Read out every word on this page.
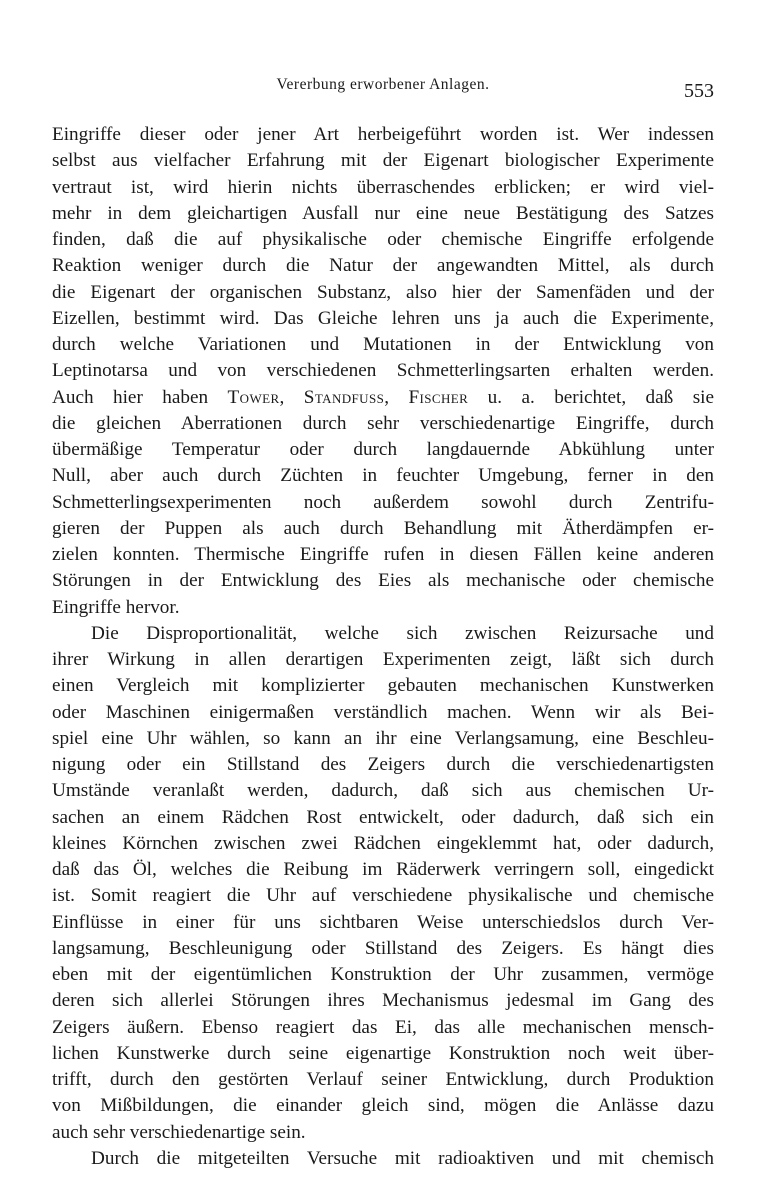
Vererbung erworbener Anlagen.	553
Eingriffe dieser oder jener Art herbeigeführt worden ist. Wer indessen
selbst aus vielfacher Erfahrung mit der Eigenart biologischer Experimente
vertraut ist, wird hierin nichts überraschendes erblicken; er wird viel-
mehr in dem gleichartigen Ausfall nur eine neue Bestätigung des Satzes
finden, daß die auf physikalische oder chemische Eingriffe erfolgende
Reaktion weniger durch die Natur der angewandten Mittel, als durch
die Eigenart der organischen Substanz, also hier der Samenfäden und der
Eizellen, bestimmt wird. Das Gleiche lehren uns ja auch die Experimente,
durch welche Variationen und Mutationen in der Entwicklung von
Leptinotarsa und von verschiedenen Schmetterlingsarten erhalten werden.
Auch hier haben Tower, Standfuss, Fischer u. a. berichtet, daß sie
die gleichen Aberrationen durch sehr verschiedenartige Eingriffe, durch
übermäßige Temperatur oder durch langdauernde Abkühlung unter
Null, aber auch durch Züchten in feuchter Umgebung, ferner in den
Schmetterlingsexperimenten noch außerdem sowohl durch Zentrifu-
gieren der Puppen als auch durch Behandlung mit Ätherdämpfen er-
zielen konnten. Thermische Eingriffe rufen in diesen Fällen keine anderen
Störungen in der Entwicklung des Eies als mechanische oder chemische
Eingriffe hervor.
Die Disproportionalität, welche sich zwischen Reizursache und
ihrer Wirkung in allen derartigen Experimenten zeigt, läßt sich durch
einen Vergleich mit komplizierter gebauten mechanischen Kunstwerken
oder Maschinen einigermaßen verständlich machen. Wenn wir als Bei-
spiel eine Uhr wählen, so kann an ihr eine Verlangsamung, eine Beschleu-
nigung oder ein Stillstand des Zeigers durch die verschiedenartigsten
Umstände veranlaßt werden, dadurch, daß sich aus chemischen Ur-
sachen an einem Rädchen Rost entwickelt, oder dadurch, daß sich ein
kleines Körnchen zwischen zwei Rädchen eingeklemmt hat, oder dadurch,
daß das Öl, welches die Reibung im Räderwerk verringern soll, eingedickt
ist. Somit reagiert die Uhr auf verschiedene physikalische und chemische
Einflüsse in einer für uns sichtbaren Weise unterschiedslos durch Ver-
langsamung, Beschleunigung oder Stillstand des Zeigers. Es hängt dies
eben mit der eigentümlichen Konstruktion der Uhr zusammen, vermöge
deren sich allerlei Störungen ihres Mechanismus jedesmal im Gang des
Zeigers äußern. Ebenso reagiert das Ei, das alle mechanischen mensch-
lichen Kunstwerke durch seine eigenartige Konstruktion noch weit über-
trifft, durch den gestörten Verlauf seiner Entwicklung, durch Produktion
von Mißbildungen, die einander gleich sind, mögen die Anlässe dazu
auch sehr verschiedenartige sein.
Durch die mitgeteilten Versuche mit radioaktiven und mit chemisch
